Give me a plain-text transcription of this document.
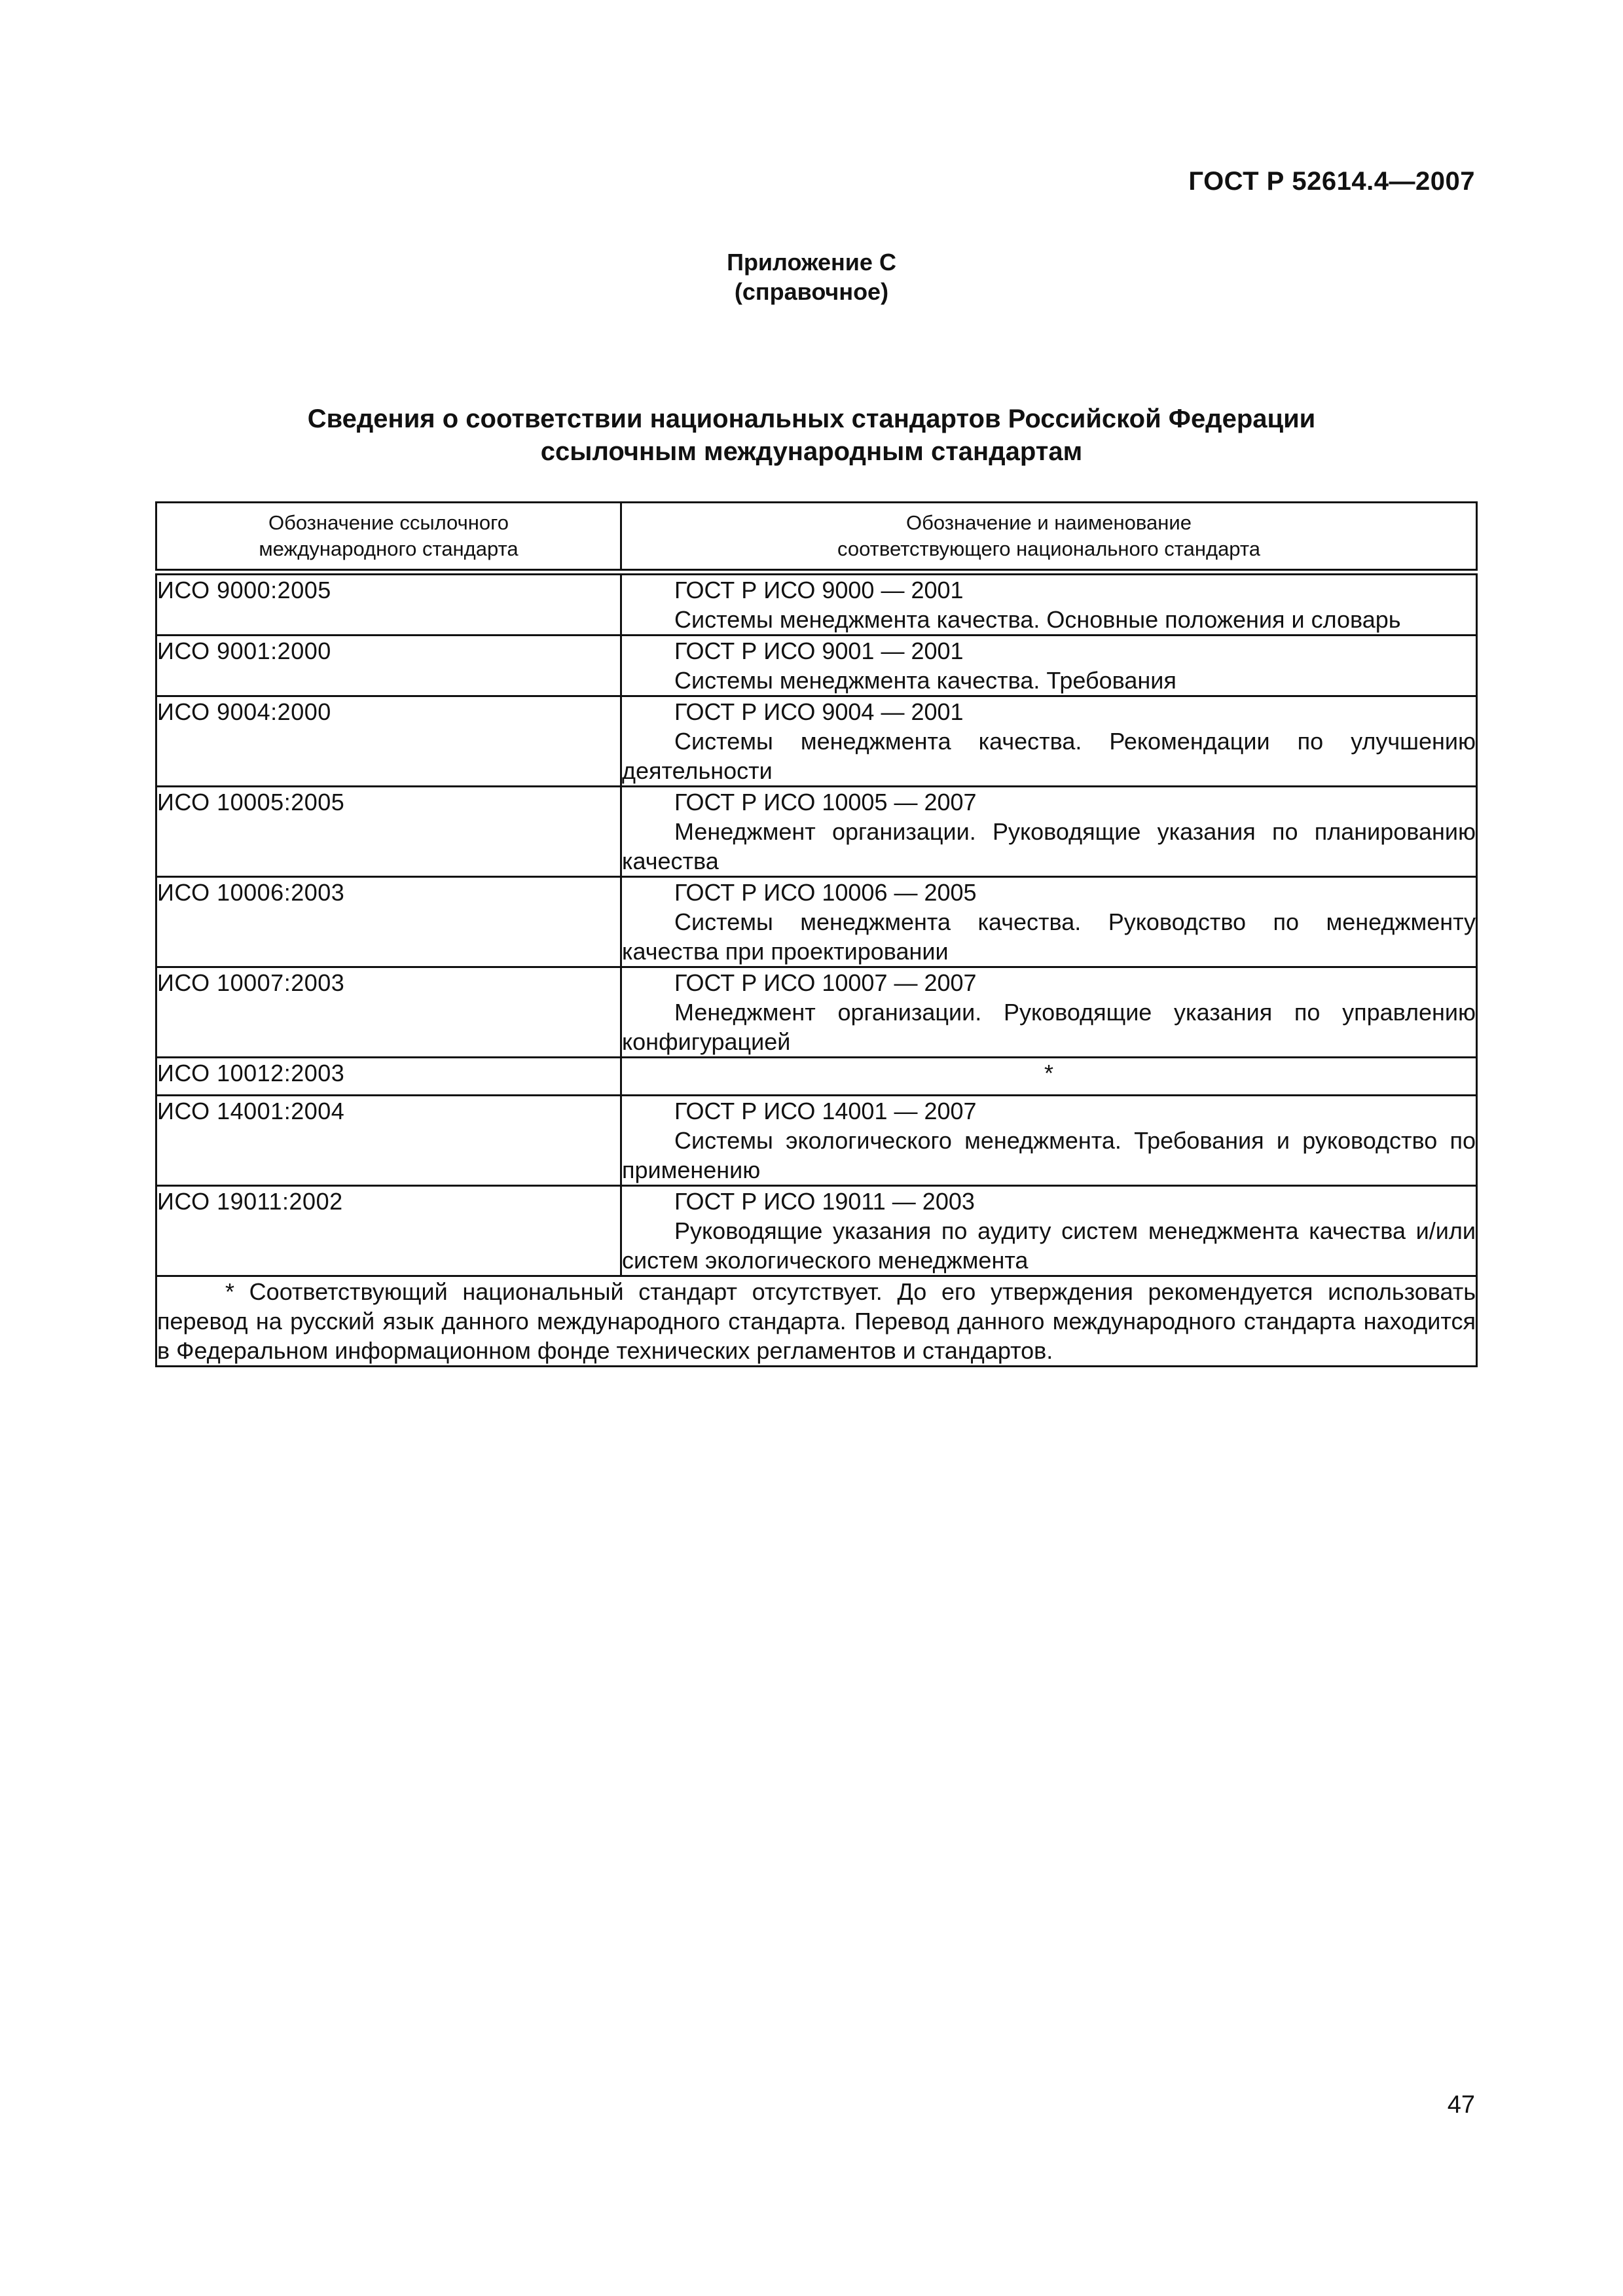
ГОСТ Р 52614.4—2007
Приложение С
(справочное)
Сведения о соответствии национальных стандартов Российской Федерации
ссылочным международным стандартам
Обозначение ссылочного
международного стандарта	Обозначение и наименование
соответствующего национального стандарта

ИСО 9000:2005	ГОСТ Р ИСО 9000 — 2001
Системы менеджмента качества. Основные положения и словарь

ИСО 9001:2000	ГОСТ Р ИСО 9001 — 2001
Системы менеджмента качества. Требования

ИСО 9004:2000	ГОСТ Р ИСО 9004 — 2001
Системы менеджмента качества. Рекомендации по улучшению деятельности

ИСО 10005:2005	ГОСТ Р ИСО 10005 — 2007
Менеджмент организации. Руководящие указания по планированию качества

ИСО 10006:2003	ГОСТ Р ИСО 10006 — 2005
Системы менеджмента качества. Руководство по менеджменту качества при проектировании

ИСО 10007:2003	ГОСТ Р ИСО 10007 — 2007
Менеджмент организации. Руководящие указания по управлению конфигурацией

ИСО 10012:2003	*
ИСО 14001:2004	ГОСТ Р ИСО 14001 — 2007
Системы экологического менеджмента. Требования и руководство по применению

ИСО 19011:2002	ГОСТ Р ИСО 19011 — 2003
Руководящие указания по аудиту систем менеджмента качества и/или систем экологического менеджмента

* Соответствующий национальный стандарт отсутствует. До его утверждения рекомендуется использовать перевод на русский язык данного международного стандарта. Перевод данного международного стандарта находится в Федеральном информационном фонде технических регламентов и стандартов.	
47
